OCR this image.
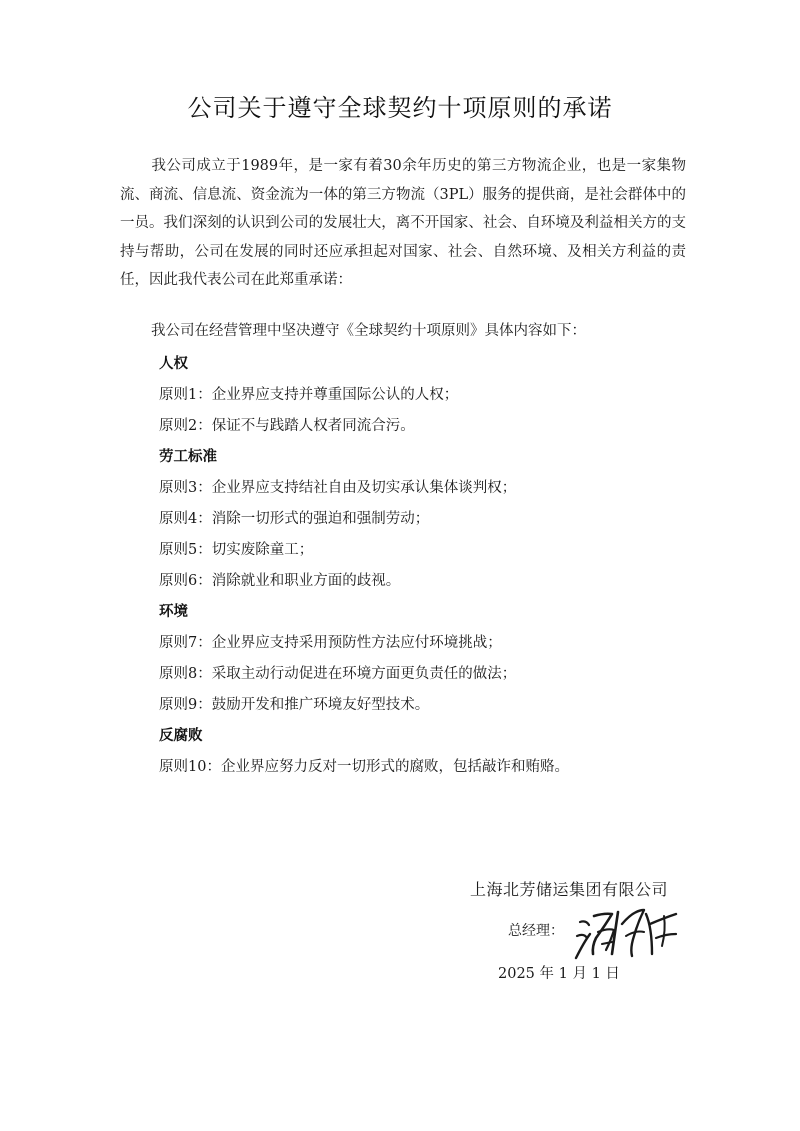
公司关于遵守全球契约十项原则的承诺

我公司成立于1989年，是一家有着30余年历史的第三方物流企业，也是一家集物流、商流、信息流、资金流为一体的第三方物流（3PL）服务的提供商，是社会群体中的一员。我们深刻的认识到公司的发展壮大，离不开国家、社会、自环境及利益相关方的支持与帮助，公司在发展的同时还应承担起对国家、社会、自然环境、及相关方利益的责任，因此我代表公司在此郑重承诺：

我公司在经营管理中坚决遵守《全球契约十项原则》具体内容如下：

人权
原则1：企业界应支持并尊重国际公认的人权；
原则2：保证不与践踏人权者同流合污。
劳工标准
原则3：企业界应支持结社自由及切实承认集体谈判权；
原则4：消除一切形式的强迫和强制劳动；
原则5：切实废除童工；
原则6：消除就业和职业方面的歧视。
环境
原则7：企业界应支持采用预防性方法应付环境挑战；
原则8：采取主动行动促进在环境方面更负责任的做法；
原则9：鼓励开发和推广环境友好型技术。
反腐败
原则10：企业界应努力反对一切形式的腐败，包括敲诈和贿赂。
上海北芳储运集团有限公司
总经理：
2025 年 1 月 1 日
